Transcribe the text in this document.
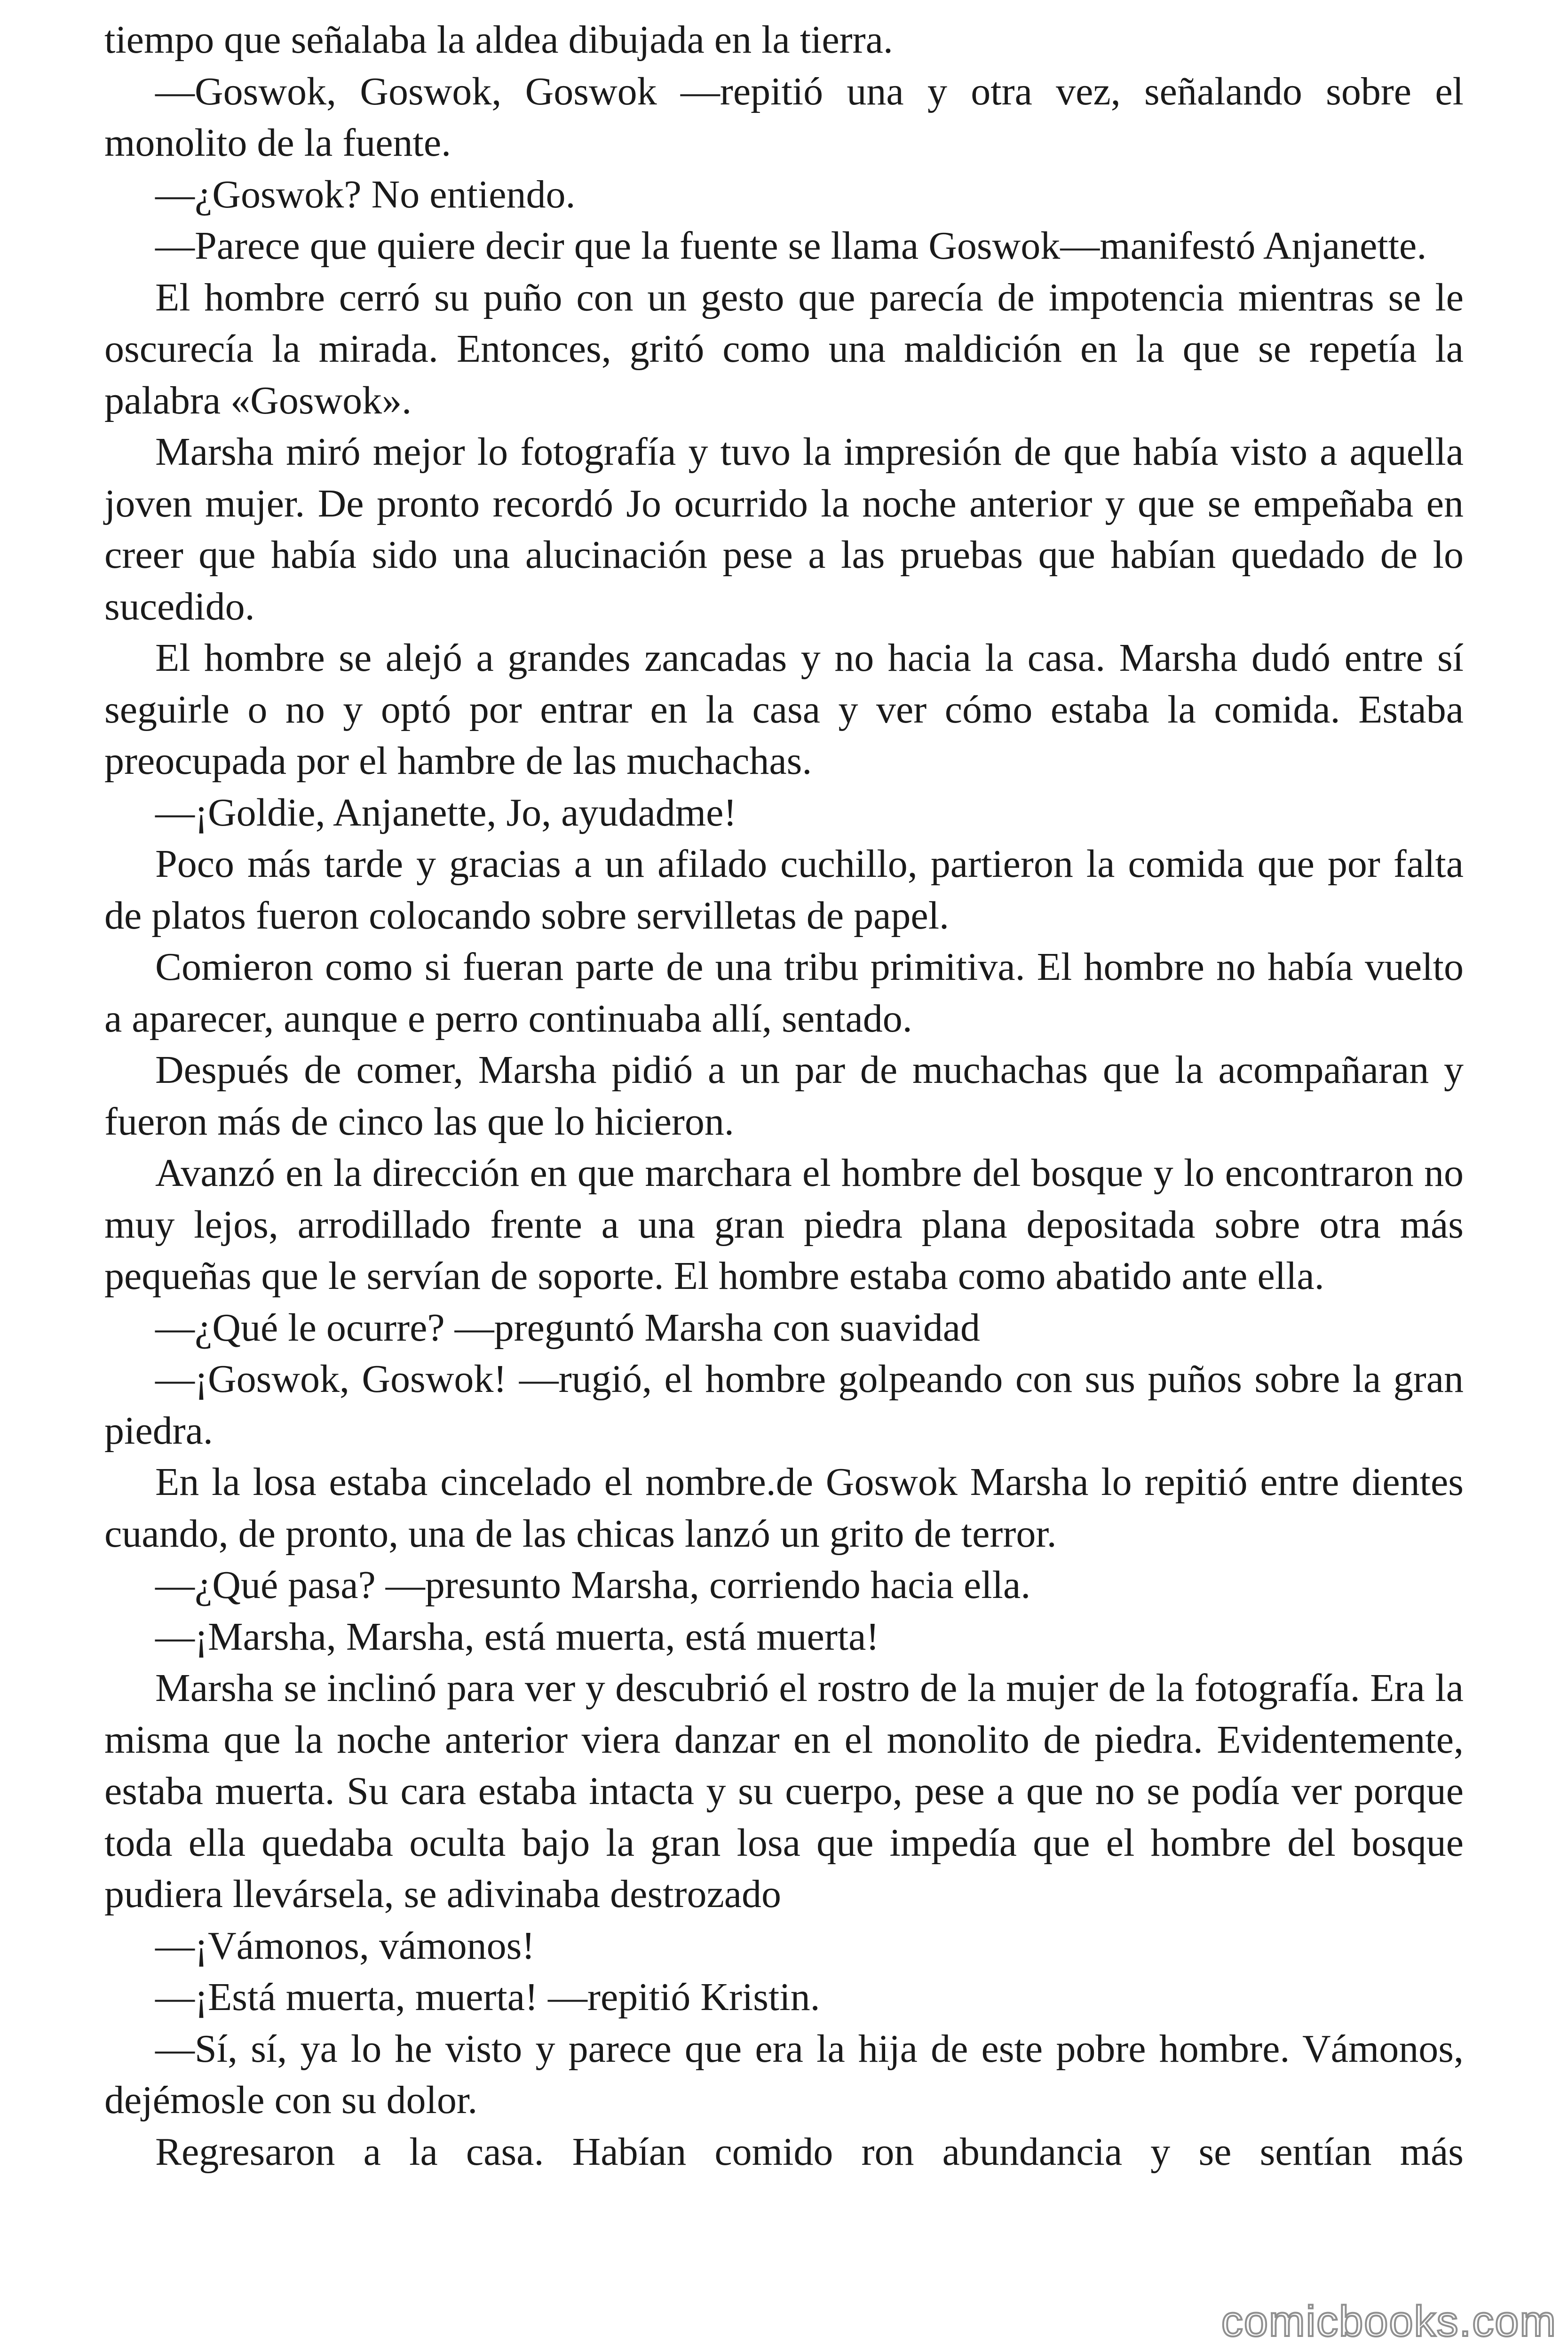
tiempo que señalaba la aldea dibujada en la tierra.

—Goswok, Goswok, Goswok —repitió una y otra vez, señalando sobre el monolito de la fuente.

—¿Goswok? No entiendo.

—Parece que quiere decir que la fuente se llama Goswok—manifestó Anjanette.

El hombre cerró su puño con un gesto que parecía de impotencia mientras se le oscurecía la mirada. Entonces, gritó como una maldición en la que se repetía la palabra «Goswok».

Marsha miró mejor lo fotografía y tuvo la impresión de que había visto a aquella joven mujer. De pronto recordó Jo ocurrido la noche anterior y que se empeñaba en creer que había sido una alucinación pese a las pruebas que habían quedado de lo sucedido.

El hombre se alejó a grandes zancadas y no hacia la casa. Marsha dudó entre sí seguirle o no y optó por entrar en la casa y ver cómo estaba la comida. Estaba preocupada por el hambre de las muchachas.

—¡Goldie, Anjanette, Jo, ayudadme!

Poco más tarde y gracias a un afilado cuchillo, partieron la comida que por falta de platos fueron colocando sobre servilletas de papel.

Comieron como si fueran parte de una tribu primitiva. El hombre no había vuelto a aparecer, aunque e perro continuaba allí, sentado.

Después de comer, Marsha pidió a un par de muchachas que la acompañaran y fueron más de cinco las que lo hicieron.

Avanzó en la dirección en que marchara el hombre del bosque y lo encontraron no muy lejos, arrodillado frente a una gran piedra plana depositada sobre otra más pequeñas que le servían de soporte. El hombre estaba como abatido ante ella.

—¿Qué le ocurre? —preguntó Marsha con suavidad

—¡Goswok, Goswok! —rugió, el hombre golpeando con sus puños sobre la gran piedra.

En la losa estaba cincelado el nombre.de Goswok Marsha lo repitió entre dientes cuando, de pronto, una de las chicas lanzó un grito de terror.

—¿Qué pasa? —presunto Marsha, corriendo hacia ella.

—¡Marsha, Marsha, está muerta, está muerta!

Marsha se inclinó para ver y descubrió el rostro de la mujer de la fotografía. Era la misma que la noche anterior viera danzar en el monolito de piedra. Evidentemente, estaba muerta. Su cara estaba intacta y su cuerpo, pese a que no se podía ver porque toda ella quedaba oculta bajo la gran losa que impedía que el hombre del bosque pudiera llevársela, se adivinaba destrozado

—¡Vámonos, vámonos!

—¡Está muerta, muerta! —repitió Kristin.

—Sí, sí, ya lo he visto y parece que era la hija de este pobre hombre. Vámonos, dejémosle con su dolor.

Regresaron a la casa. Habían comido ron abundancia y se sentían más

comicbooks.com
